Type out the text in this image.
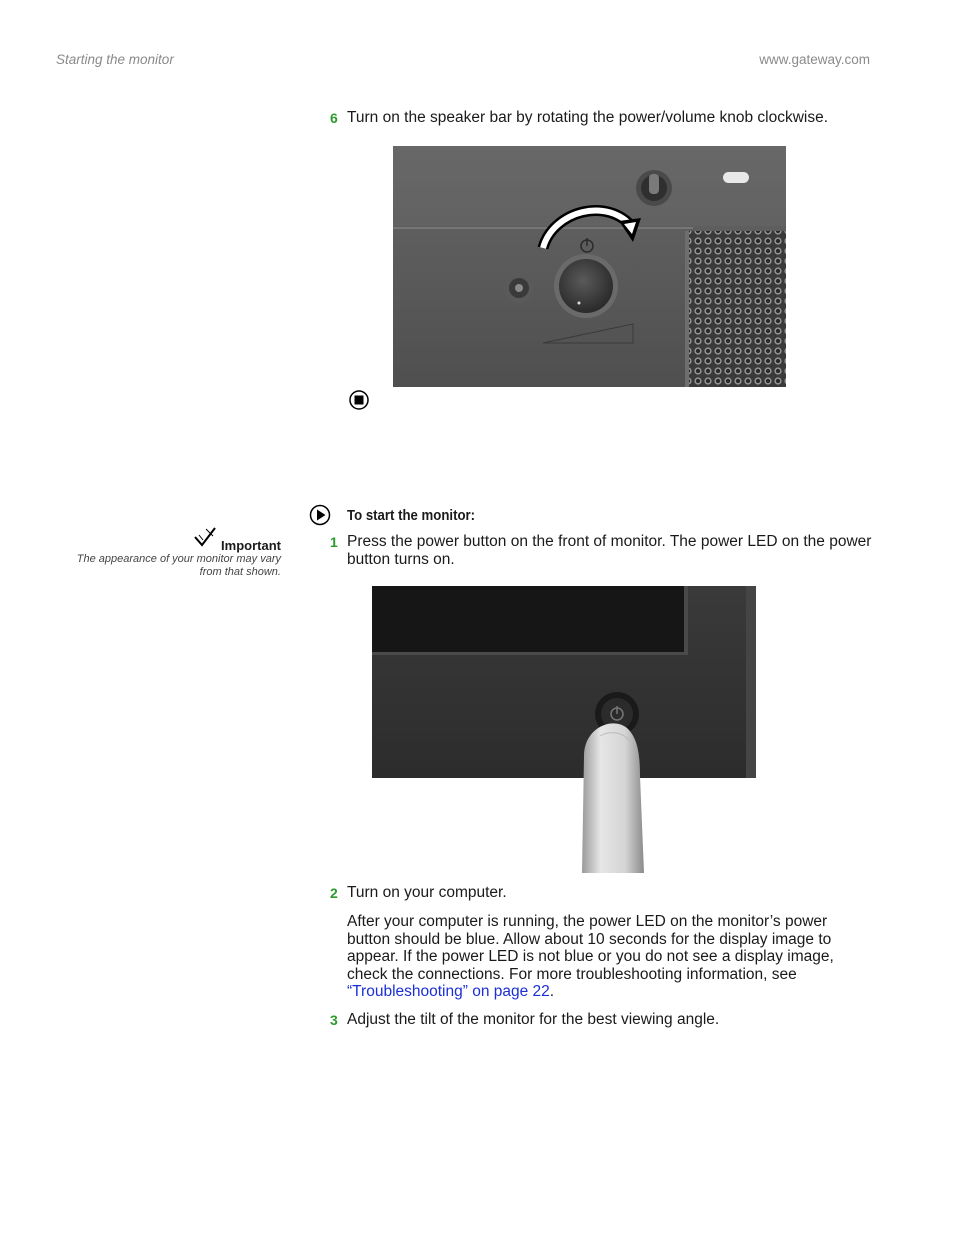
Starting the monitor	www.gateway.com
6 Turn on the speaker bar by rotating the power/volume knob clockwise.
To start the monitor:
Important
The appearance of your monitor may vary from that shown.
1 Press the power button on the front of monitor. The power LED on the power button turns on.
2 Turn on your computer.
After your computer is running, the power LED on the monitor’s power button should be blue. Allow about 10 seconds for the display image to appear. If the power LED is not blue or you do not see a display image, check the connections. For more troubleshooting information, see “Troubleshooting” on page 22.
3 Adjust the tilt of the monitor for the best viewing angle.
